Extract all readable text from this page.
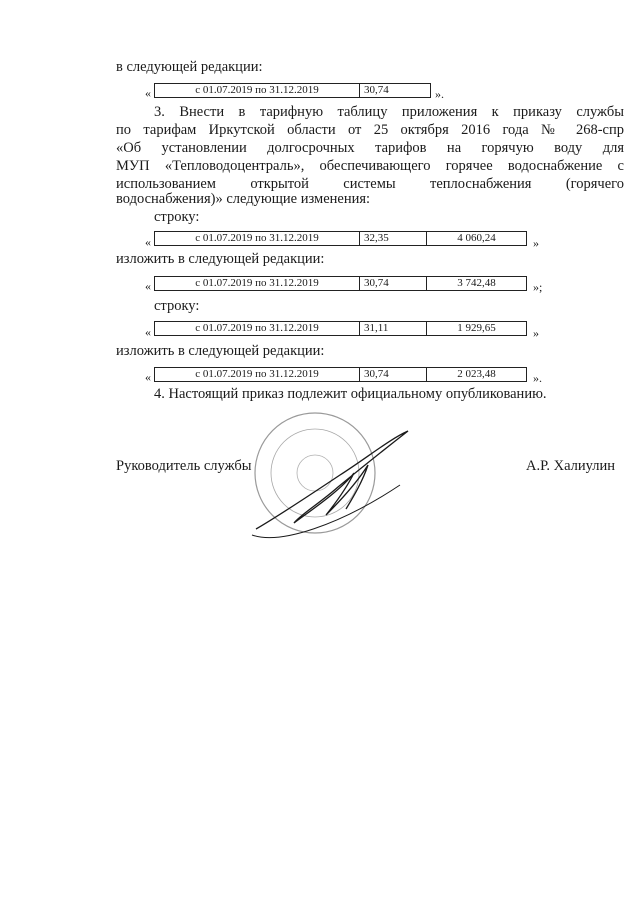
в следующей редакции:
«	с 01.07.2019 по 31.12.2019	30,74	».
3. Внести в тарифную таблицу приложения к приказу службы
по тарифам Иркутской области от 25 октября 2016 года № 268-спр
«Об установлении долгосрочных тарифов на горячую воду для
МУП «Тепловодоцентраль», обеспечивающего горячее водоснабжение с
использованием открытой системы теплоснабжения (горячего
водоснабжения)» следующие изменения:
строку:
«	с 01.07.2019 по 31.12.2019	32,35	4 060,24	»
изложить в следующей редакции:
«	с 01.07.2019 по 31.12.2019	30,74	3 742,48	»;
строку:
«	с 01.07.2019 по 31.12.2019	31,11	1 929,65	»
изложить в следующей редакции:
«	с 01.07.2019 по 31.12.2019	30,74	2 023,48	».
4. Настоящий приказ подлежит официальному опубликованию.
Руководитель службы	А.Р. Халиулин
